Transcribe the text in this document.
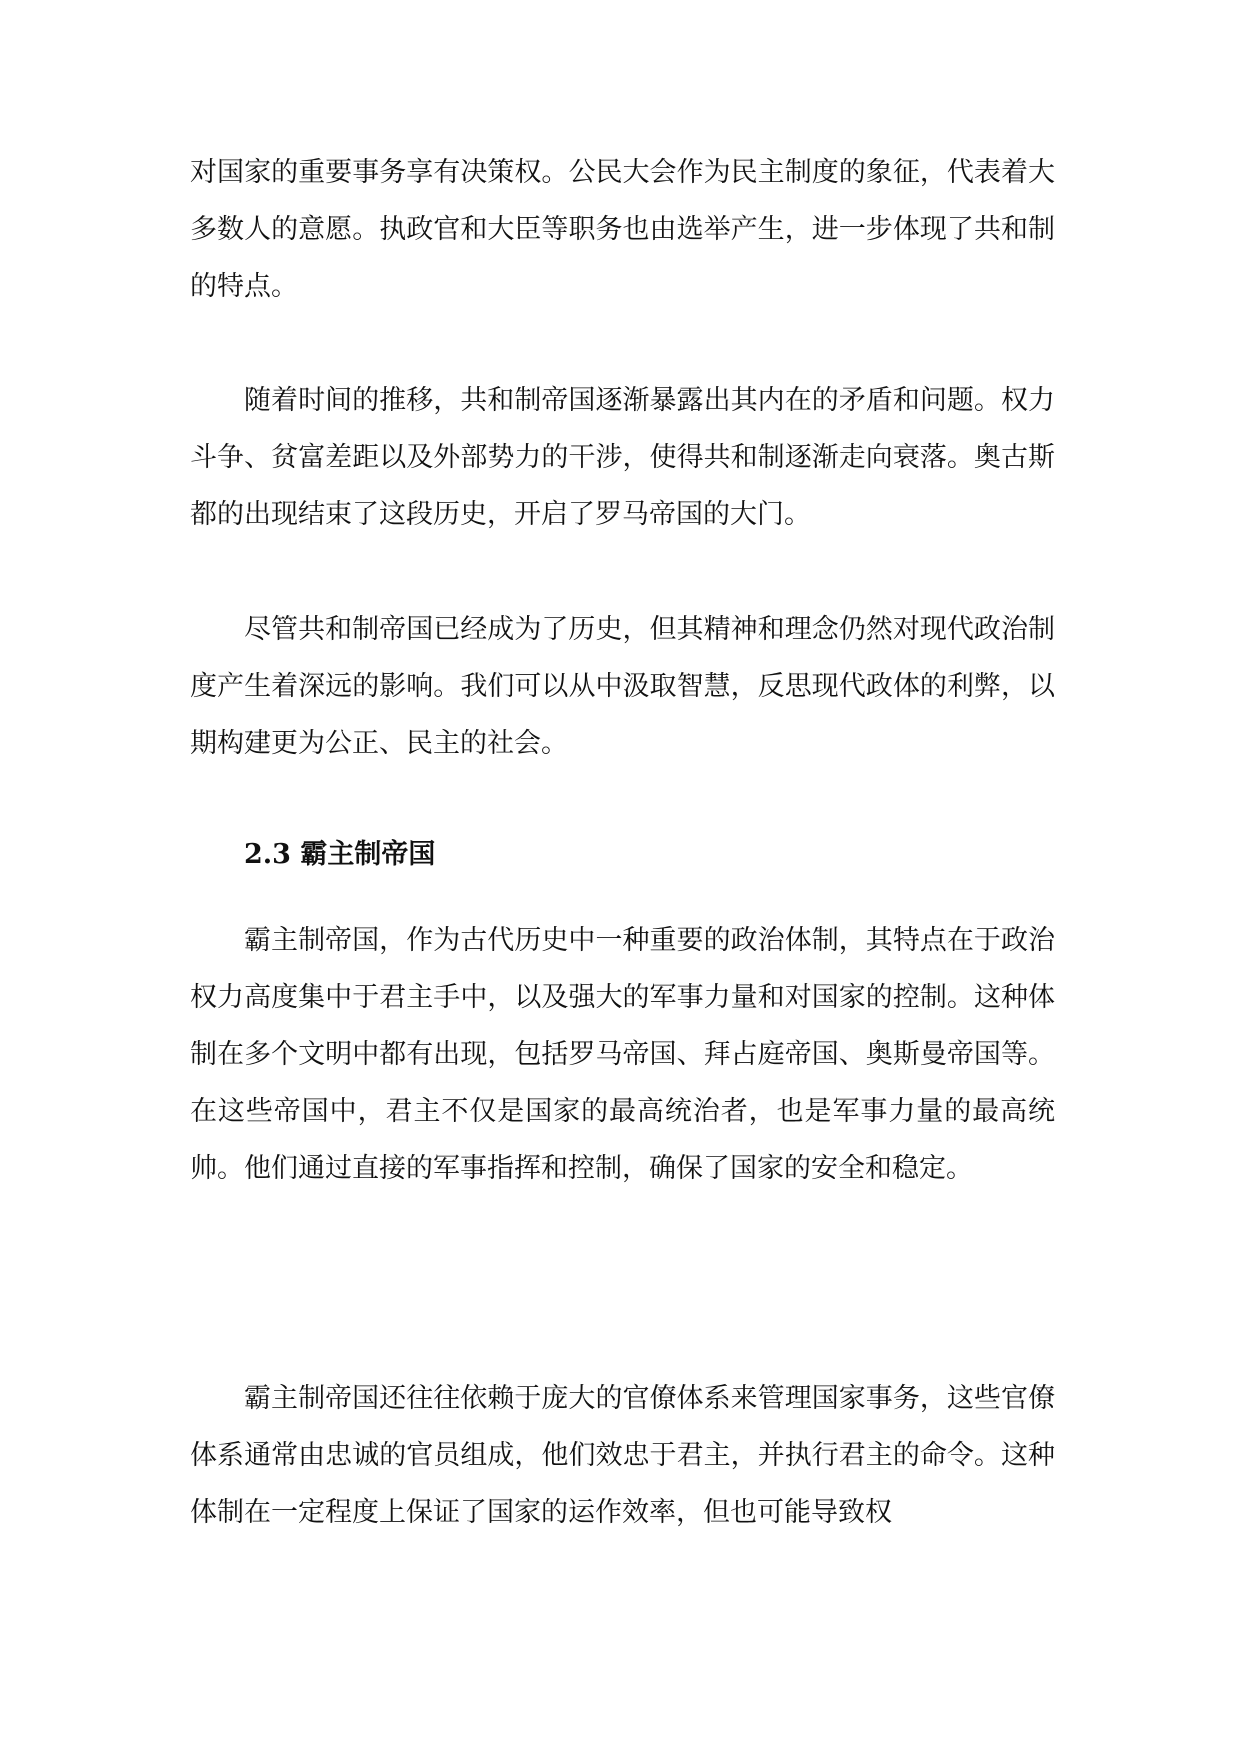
对国家的重要事务享有决策权。公民大会作为民主制度的象征，代表着大多数人的意愿。执政官和大臣等职务也由选举产生，进一步体现了共和制的特点。

随着时间的推移，共和制帝国逐渐暴露出其内在的矛盾和问题。权力斗争、贫富差距以及外部势力的干涉，使得共和制逐渐走向衰落。奥古斯都的出现结束了这段历史，开启了罗马帝国的大门。

尽管共和制帝国已经成为了历史，但其精神和理念仍然对现代政治制度产生着深远的影响。我们可以从中汲取智慧，反思现代政体的利弊，以期构建更为公正、民主的社会。

2.3 霸主制帝国

霸主制帝国，作为古代历史中一种重要的政治体制，其特点在于政治权力高度集中于君主手中，以及强大的军事力量和对国家的控制。这种体制在多个文明中都有出现，包括罗马帝国、拜占庭帝国、奥斯曼帝国等。在这些帝国中，君主不仅是国家的最高统治者，也是军事力量的最高统帅。他们通过直接的军事指挥和控制，确保了国家的安全和稳定。

霸主制帝国还往往依赖于庞大的官僚体系来管理国家事务，这些官僚体系通常由忠诚的官员组成，他们效忠于君主，并执行君主的命令。这种体制在一定程度上保证了国家的运作效率，但也可能导致权
